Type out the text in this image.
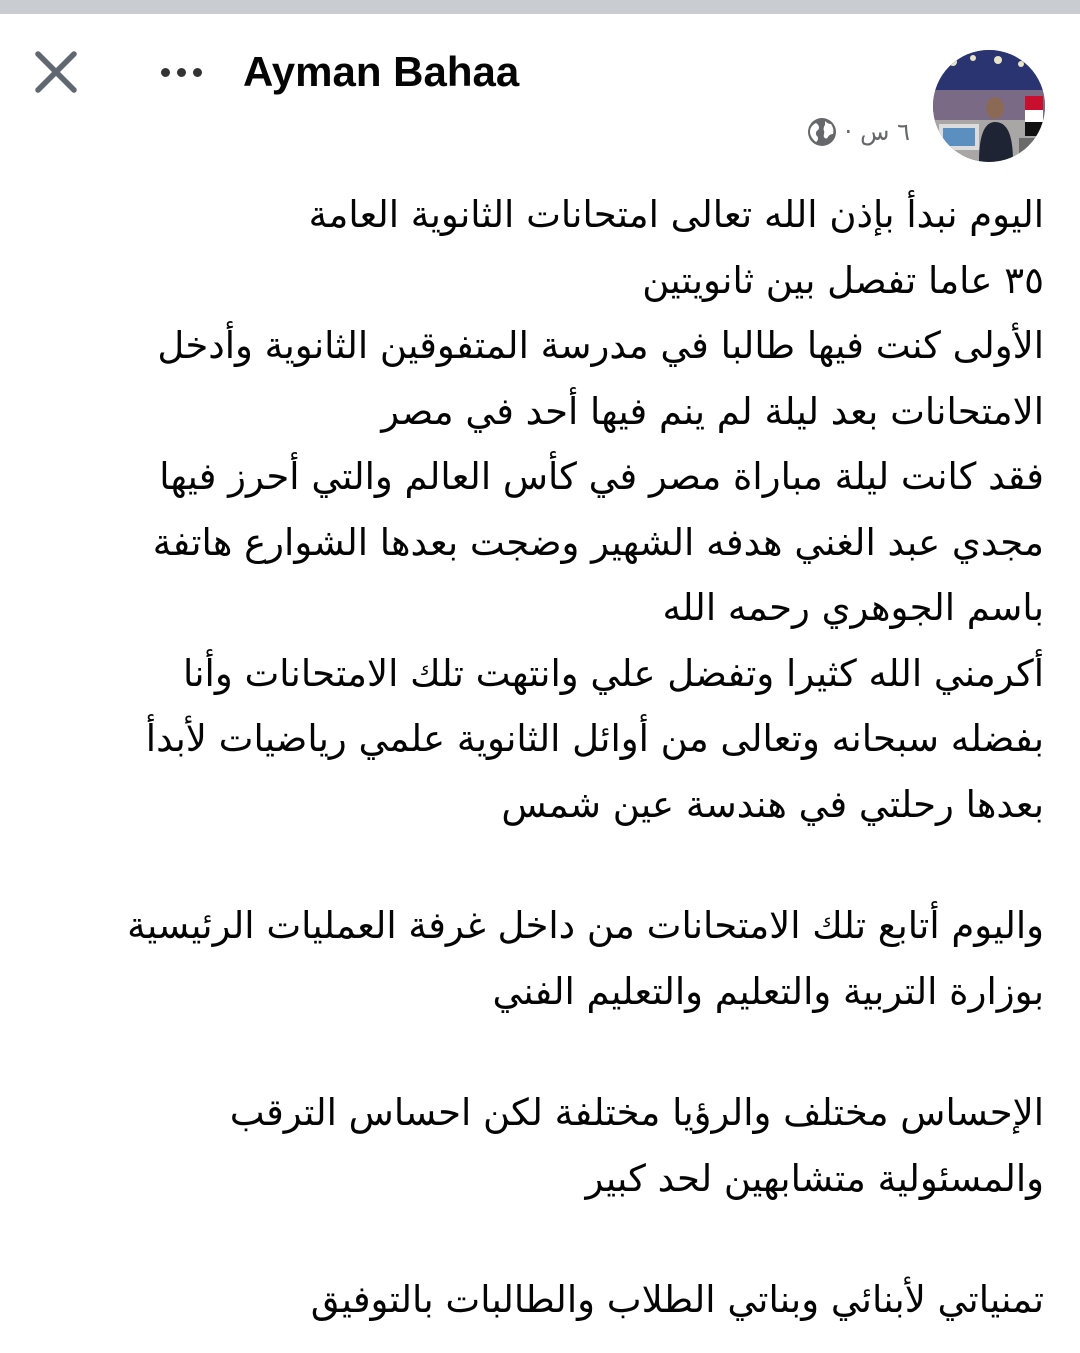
Ayman Bahaa
٦ س
·
اليوم نبدأ بإذن الله تعالى امتحانات الثانوية العامة
٣٥ عاما تفصل بين ثانويتين
الأولى كنت فيها طالبا في مدرسة المتفوقين الثانوية وأدخل
الامتحانات بعد ليلة لم ينم فيها أحد في مصر
فقد كانت ليلة مباراة مصر في كأس العالم والتي أحرز فيها
مجدي عبد الغني هدفه الشهير وضجت بعدها الشوارع هاتفة
باسم الجوهري رحمه الله
أكرمني الله كثيرا وتفضل علي وانتهت تلك الامتحانات وأنا
بفضله سبحانه وتعالى من أوائل الثانوية علمي رياضيات لأبدأ
بعدها رحلتي في هندسة عين شمس
واليوم أتابع تلك الامتحانات من داخل غرفة العمليات الرئيسية
بوزارة التربية والتعليم والتعليم الفني
الإحساس مختلف والرؤيا مختلفة لكن احساس الترقب
والمسئولية متشابهين لحد كبير
تمنياتي لأبنائي وبناتي الطلاب والطالبات بالتوفيق
